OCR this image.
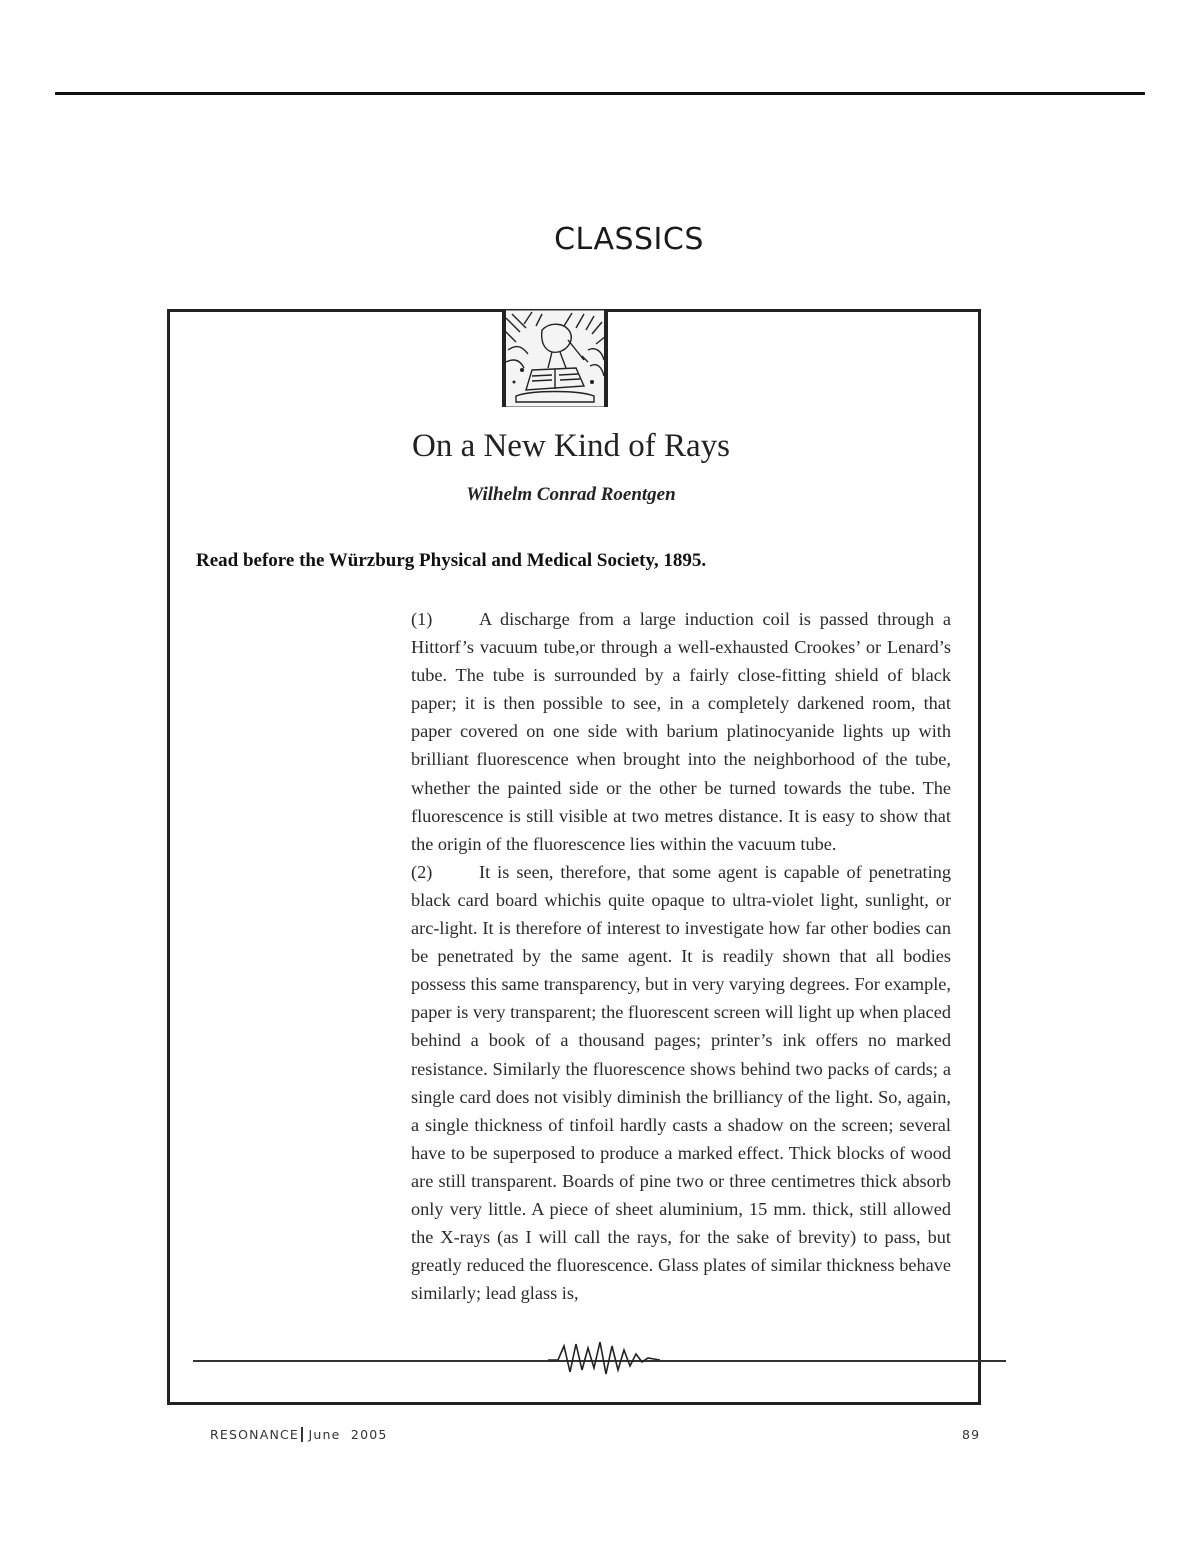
CLASSICS
On a New Kind of Rays
Wilhelm Conrad Roentgen
Read before the Würzburg Physical and Medical Society, 1895.

(1)	A discharge from a large induction coil is passed through a Hittorf’s vacuum tube,or through a well-exhausted Crookes’ or Lenard’s tube. The tube is surrounded by a fairly close-fitting shield of black paper; it is then possible to see, in a completely darkened room, that paper covered on one side with barium platinocyanide lights up with brilliant fluorescence when brought into the neighborhood of the tube, whether the painted side or the other be turned towards the tube. The fluorescence is still visible at two metres distance. It is easy to show that the origin of the fluorescence lies within the vacuum tube.

(2)	It is seen, therefore, that some agent is capable of penetrating black card board whichis quite opaque to ultra-violet light, sunlight, or arc-light. It is therefore of interest to investigate how far other bodies can be penetrated by the same agent. It is readily shown that all bodies possess this same transparency, but in very varying degrees. For example, paper is very transparent; the fluorescent screen will light up when placed behind a book of a thousand pages; printer’s ink offers no marked resistance. Similarly the fluorescence shows behind two packs of cards; a single card does not visibly diminish the brilliancy of the light. So, again, a single thickness of tinfoil hardly casts a shadow on the screen; several have to be superposed to produce a marked effect. Thick blocks of wood are still transparent. Boards of pine two or three centimetres thick absorb only very little. A piece of sheet aluminium, 15 mm. thick, still allowed the X-rays (as I will call the rays, for the sake of brevity) to pass, but greatly reduced the fluorescence. Glass plates of similar thickness behave similarly; lead glass is,

RESONANCE June  2005	89
